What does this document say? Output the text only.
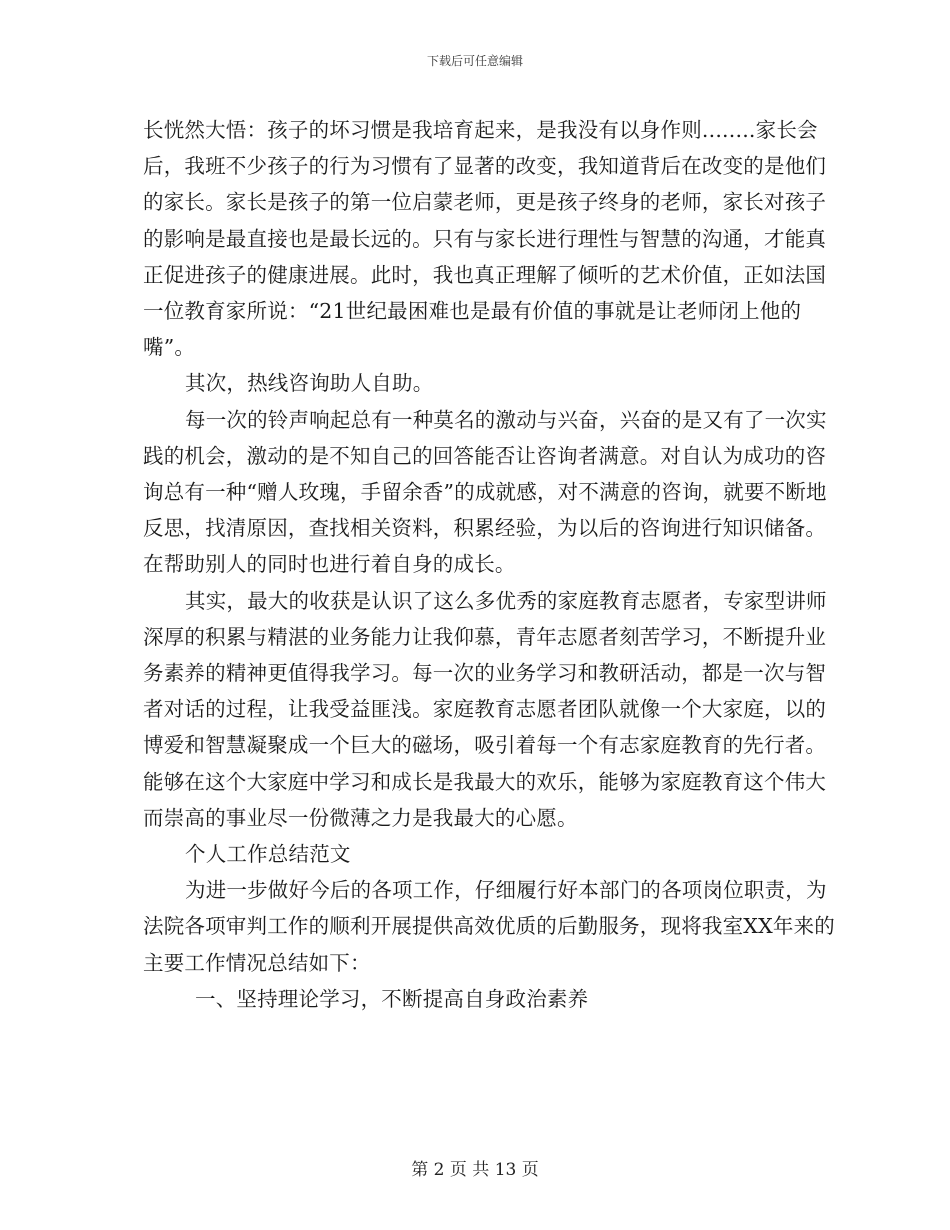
下载后可任意编辑

长恍然大悟：孩子的坏习惯是我培育起来，是我没有以身作则........家长会后，我班不少孩子的行为习惯有了显著的改变，我知道背后在改变的是他们的家长。家长是孩子的第一位启蒙老师，更是孩子终身的老师，家长对孩子的影响是最直接也是最长远的。只有与家长进行理性与智慧的沟通，才能真正促进孩子的健康进展。此时，我也真正理解了倾听的艺术价值，正如法国一位教育家所说：“21世纪最困难也是最有价值的事就是让老师闭上他的嘴”。

其次，热线咨询助人自助。

每一次的铃声响起总有一种莫名的激动与兴奋，兴奋的是又有了一次实践的机会，激动的是不知自己的回答能否让咨询者满意。对自认为成功的咨询总有一种“赠人玫瑰，手留余香”的成就感，对不满意的咨询，就要不断地反思，找清原因，查找相关资料，积累经验，为以后的咨询进行知识储备。在帮助别人的同时也进行着自身的成长。

其实，最大的收获是认识了这么多优秀的家庭教育志愿者，专家型讲师深厚的积累与精湛的业务能力让我仰慕，青年志愿者刻苦学习，不断提升业务素养的精神更值得我学习。每一次的业务学习和教研活动，都是一次与智者对话的过程，让我受益匪浅。家庭教育志愿者团队就像一个大家庭，以的博爱和智慧凝聚成一个巨大的磁场，吸引着每一个有志家庭教育的先行者。能够在这个大家庭中学习和成长是我最大的欢乐，能够为家庭教育这个伟大而崇高的事业尽一份微薄之力是我最大的心愿。

个人工作总结范文

为进一步做好今后的各项工作，仔细履行好本部门的各项岗位职责，为法院各项审判工作的顺利开展提供高效优质的后勤服务，现将我室XX年来的主要工作情况总结如下：

一、坚持理论学习，不断提高自身政治素养

第 2 页 共 13 页
